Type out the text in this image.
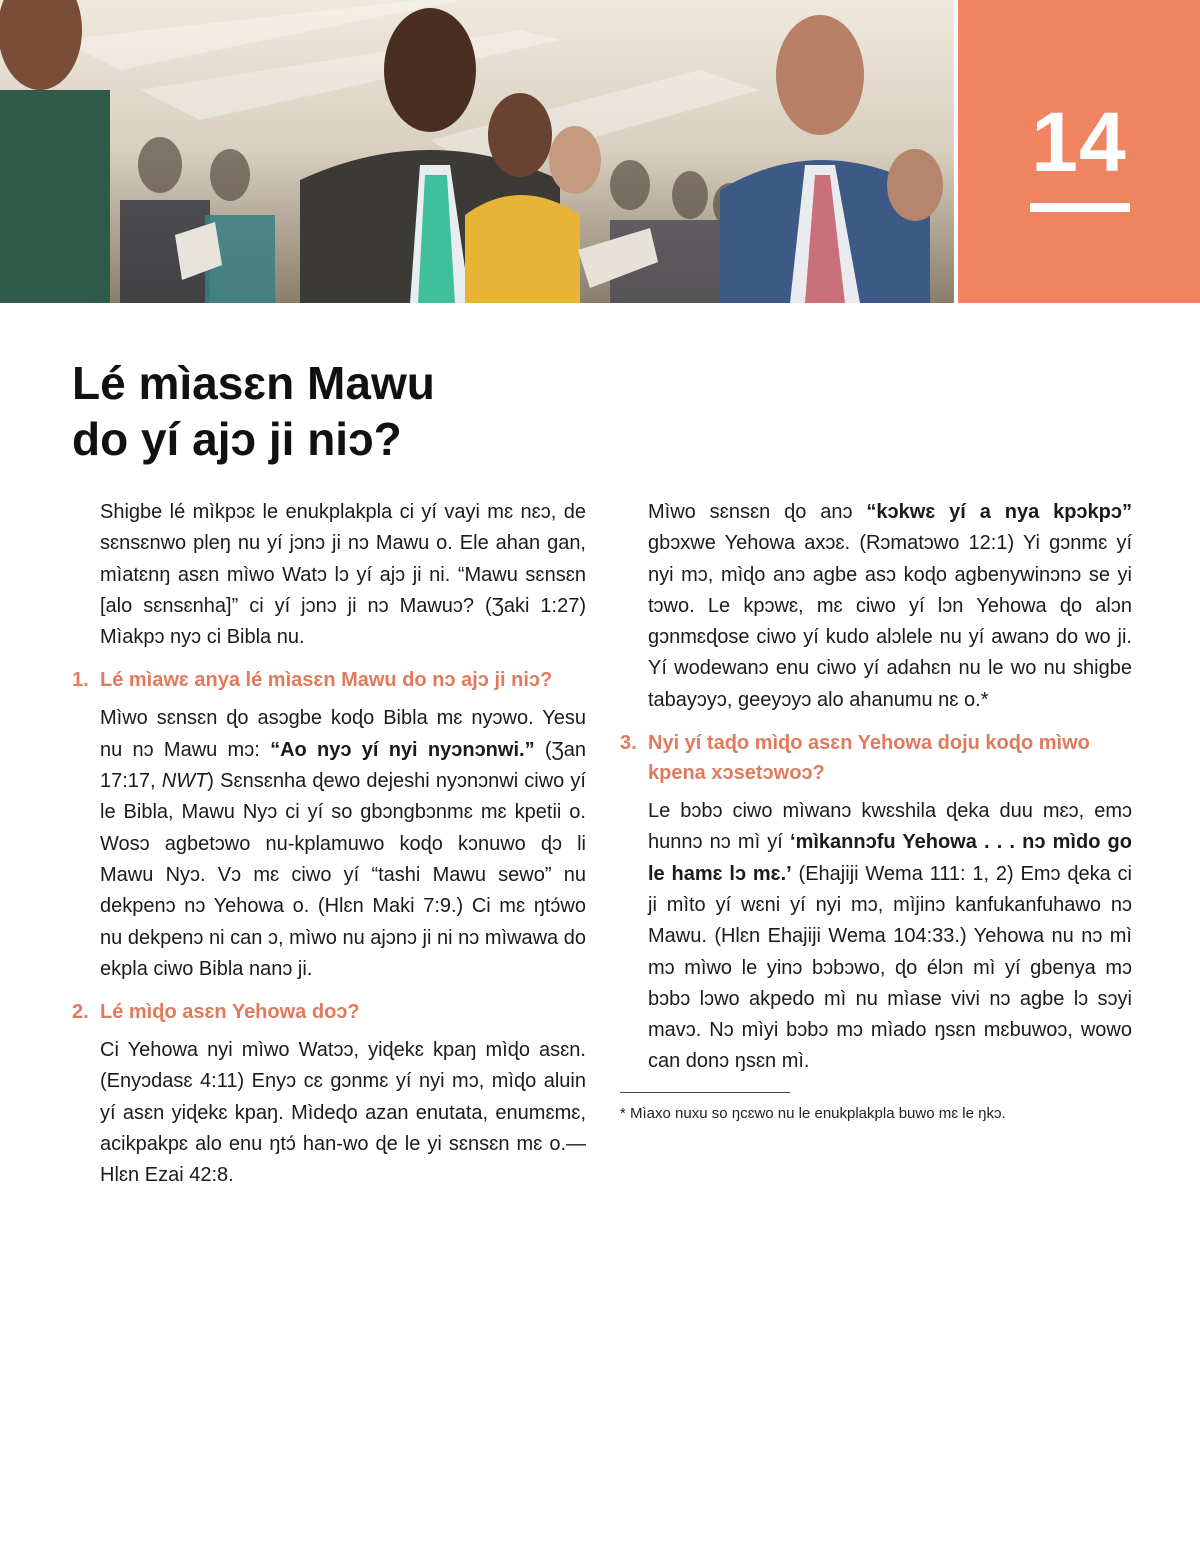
14
Lé mìasɛn Mawu
do yí ajɔ ji niɔ?

Shigbe lé mìkpɔɛ le enukplakpla ci yí vayi mɛ nɛɔ, de sɛnsɛnwo pleŋ nu yí jɔnɔ ji nɔ Mawu o. Ele ahan gan, mìatɛnŋ asɛn mìwo Watɔ lɔ yí ajɔ ji ni. “Mawu sɛnsɛn [alo sɛnsɛnha]” ci yí jɔnɔ ji nɔ Mawuɔ? (Ʒaki 1:27) Mìakpɔ nyɔ ci Bibla nu.

1. Lé mìawɛ anya lé mìasɛn Mawu do nɔ ajɔ ji niɔ?

Mìwo sɛnsɛn ɖo asɔgbe koɖo Bibla mɛ nyɔwo. Yesu nu nɔ Mawu mɔ: “Ao nyɔ yí nyi nyɔnɔnwi.” (Ʒan 17:17, NWT) Sɛnsɛnha ɖewo dejeshi nyɔnɔnwi ciwo yí le Bibla, Mawu Nyɔ ci yí so gbɔngbɔnmɛ mɛ kpetii o. Wosɔ agbetɔwo nu-kplamuwo koɖo kɔnuwo ɖɔ li Mawu Nyɔ. Vɔ mɛ ciwo yí “tashi Mawu sewo” nu dekpenɔ nɔ Yehowa o. (Hlɛn Maki 7:9.) Ci mɛ ŋtɔ́wo nu dekpenɔ ni can ɔ, mìwo nu ajɔnɔ ji ni nɔ mìwawa do ekpla ciwo Bibla nanɔ ji.

2. Lé mìɖo asɛn Yehowa doɔ?

Ci Yehowa nyi mìwo Watɔɔ, yiɖekɛ kpaŋ mìɖo asɛn. (Enyɔdasɛ 4:11) Enyɔ cɛ gɔnmɛ yí nyi mɔ, mìɖo aluin yí asɛn yiɖekɛ kpaŋ. Mìdeɖo azan enutata, enumɛmɛ, acikpakpɛ alo enu ŋtɔ́ han-wo ɖe le yi sɛnsɛn mɛ o.—Hlɛn Ezai 42:8.

Mìwo sɛnsɛn ɖo anɔ “kɔkwɛ yí a nya kpɔkpɔ” gbɔxwe Yehowa axɔɛ. (Rɔmatɔwo 12:1) Yi gɔnmɛ yí nyi mɔ, mìɖo anɔ agbe asɔ koɖo agbenywinɔnɔ se yi tɔwo. Le kpɔwɛ, mɛ ciwo yí lɔn Yehowa ɖo alɔn gɔnmɛɖose ciwo yí kudo alɔlele nu yí awanɔ do wo ji. Yí wodewanɔ enu ciwo yí adahɛn nu le wo nu shigbe tabayɔyɔ, geeyɔyɔ alo ahanumu nɛ o.*

3. Nyi yí taɖo mìɖo asɛn Yehowa doju koɖo mìwo kpena xɔsetɔwoɔ?

Le bɔbɔ ciwo mìwanɔ kwɛshila ɖeka duu mɛɔ, emɔ hunnɔ nɔ mì yí ‘mìkannɔfu Yehowa . . . nɔ mìdo go le hamɛ lɔ mɛ.’ (Ehajiji Wema 111: 1, 2) Emɔ ɖeka ci ji mìto yí wɛni yí nyi mɔ, mìjinɔ kanfukanfuhawo nɔ Mawu. (Hlɛn Ehajiji Wema 104:33.) Yehowa nu nɔ mì mɔ mìwo le yinɔ bɔbɔwo, ɖo élɔn mì yí gbenya mɔ bɔbɔ lɔwo akpedo mì nu mìase vivi nɔ agbe lɔ sɔyi mavɔ. Nɔ mìyi bɔbɔ mɔ mìado ŋsɛn mɛbuwoɔ, wowo can donɔ ŋsɛn mì.

* Mìaxo nuxu so ŋcɛwo nu le enukplakpla buwo mɛ le ŋkɔ.
